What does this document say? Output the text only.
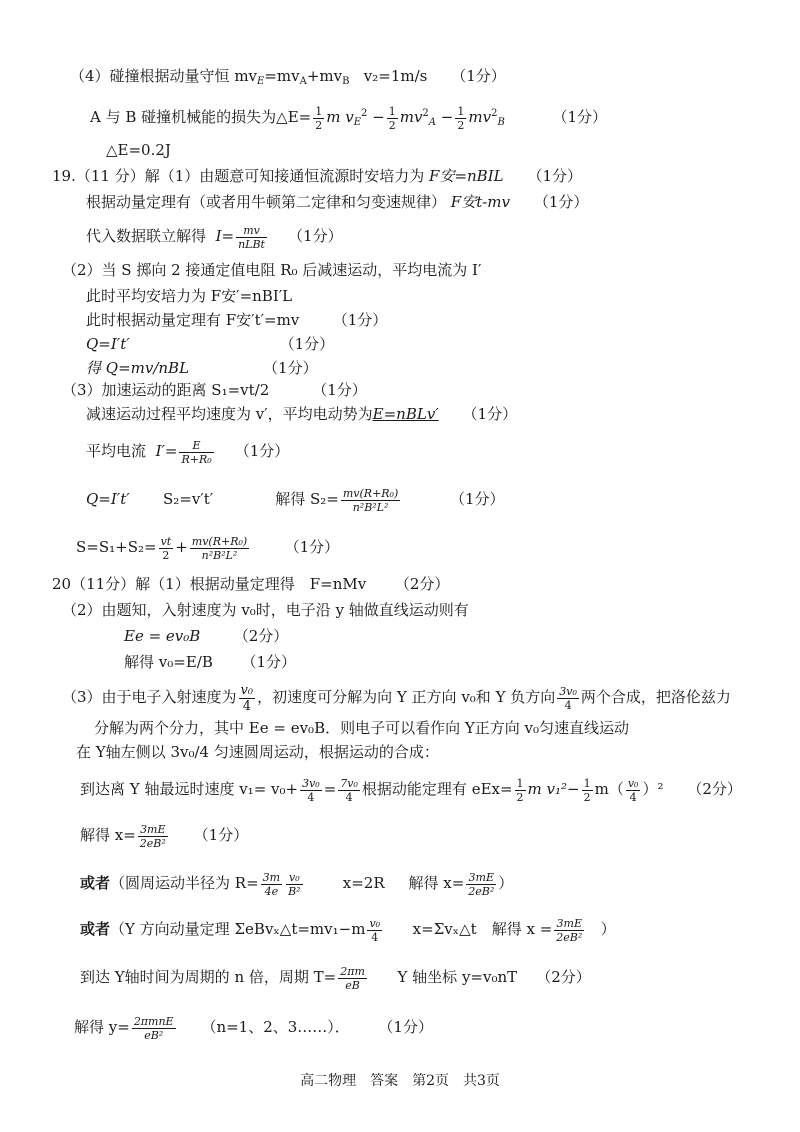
（4）碰撞根据动量守恒 $mv_E=mv_A+mv_B$ v₂=1m/s （1分）
A 与 B 碰撞机械能的损失为△E= $\frac{1}{2}$ m $v_E^2 - \frac{1}{2} mv^2_A - \frac{1}{2} mv^2_B$	（1分）
△E=0.2J
19.（11 分）解（1）由题意可知接通恒流源时安培力为 F安=nBIL （1分）
根据动量定理有（或者用牛顿第二定律和匀变速规律） F安t-mv （1分）
代入数据联立解得 $I= \frac{mv}{\text{nLBt}} (1$分）
（2）当 S 掷向 2 接通定值电阻 R₀ 后减速运动，平均电流为 I′
此时平均安培力为 F安′=nBI′L
此时根据动量定理有 F安′t′=mv （1分）
Q=I′t′	（1分）
得 Q=mv/nBL	（1分）
（3）加速运动的距离 S₁=vt/2	（1分）
减速运动过程平均速度为 v′，平均电动势为E=nBLv′ （1分）
平均电流 $I'= \frac{E}{\text{R+R₀}} (1$分）
Q=I′t′ S₂=v′t′	解得 $S_2= \frac{\text{mv(R+R₀)}}{\text{n²B²L²}}$	（1分）
$S=S_1+S_2= \frac{vt}{2} + \frac{\text{mv(R+R₀)}}{\text{n²B²L²}} (1$分）
20（11分）解（1）根据动量定理得　F=nMv （2分）
（2）由题知，入射速度为 v₀时，电子沿 y 轴做直线运动则有
Ee = ev₀B （2分）
解得 v₀=E/B （1分）
（3）由于电子入射速度为 $\frac{\text{v₀}}{4}$ ，初速度可分解为向 Y 正方向 v₀和 Y 负方向 $\frac{\text{3v₀}}{4}$ 两个合成，把洛伦兹力
分解为两个分力，其中 Ee = ev₀B．则电子可以看作向 Y正方向 v₀匀速直线运动
在 Y轴左侧以 3v₀/4 匀速圆周运动，根据运动的合成：
到达离 Y 轴最远时速度 $v_1= v_0+ \frac{\text{3v₀}}{4} = \frac{\text{7v₀}}{4}$ 根据动能定理有 $eEx= \frac{1}{2}$ m $v_1^2- \frac{1}{2} m( \frac{\text{v₀}}{4} )^2$ （2分）
解得 $x= \frac{3mE}{\text{2eB²}} (1$分）
或者（圆周运动半径为 $R= \frac{3m}{4e} \frac{\text{v₀}}{\text{B²}}$	x=2R 解得 $x= \frac{3mE}{\text{2eB²}}$ ）
或者（Y 方向动量定理 ΣeBvₓ△t=mv₁−m $\frac{\text{v₀}}{4}$ x=Σvₓ△t　解得 $x = \frac{3mE}{\text{2eB²}}$ ）
到达 Y轴时间为周期的 n 倍，周期 $T= \frac{2\pi m}{eB}$ Y 轴坐标 y=v₀nT （2分）
解得 $y= \frac{\text{2πmnE}}{\text{eB²}} (n=1$、2、3……）． （1分）
高二物理　答案　第2页　共3页
